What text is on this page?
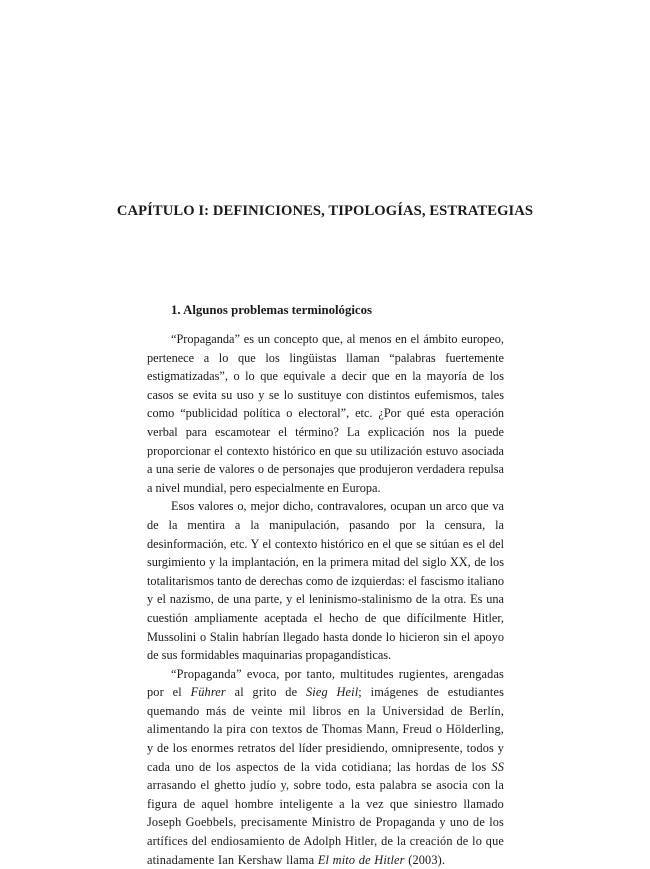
CAPÍTULO I: DEFINICIONES, TIPOLOGÍAS, ESTRATEGIAS
1. Algunos problemas terminológicos

“Propaganda” es un concepto que, al menos en el ámbito europeo, pertenece a lo que los lingüistas llaman “palabras fuertemente estigmatizadas”, o lo que equivale a decir que en la mayoría de los casos se evita su uso y se lo sustituye con distintos eufemismos, tales como “publicidad política o electoral”, etc. ¿Por qué esta operación verbal para escamotear el término? La explicación nos la puede proporcionar el contexto histórico en que su utilización estuvo asociada a una serie de valores o de personajes que produjeron verdadera repulsa a nivel mundial, pero especialmente en Europa.

Esos valores o, mejor dicho, contravalores, ocupan un arco que va de la mentira a la manipulación, pasando por la censura, la desinformación, etc. Y el contexto histórico en el que se sitúan es el del surgimiento y la implantación, en la primera mitad del siglo XX, de los totalitarismos tanto de derechas como de izquierdas: el fascismo italiano y el nazismo, de una parte, y el leninismo-stalinismo de la otra. Es una cuestión ampliamente aceptada el hecho de que difícilmente Hitler, Mussolini o Stalin habrían llegado hasta donde lo hicieron sin el apoyo de sus formidables maquinarias propagandísticas.

“Propaganda” evoca, por tanto, multitudes rugientes, arengadas por el Führer al grito de Sieg Heil; imágenes de estudiantes quemando más de veinte mil libros en la Universidad de Berlín, alimentando la pira con textos de Thomas Mann, Freud o Hölderling, y de los enormes retratos del líder presidiendo, omnipresente, todos y cada uno de los aspectos de la vida cotidiana; las hordas de los SS arrasando el ghetto judío y, sobre todo, esta palabra se asocia con la figura de aquel hombre inteligente a la vez que siniestro llamado Joseph Goebbels, precisamente Ministro de Propaganda y uno de los artífices del endiosamiento de Adolph Hitler, de la creación de lo que atinadamente Ian Kershaw llama El mito de Hitler (2003).
